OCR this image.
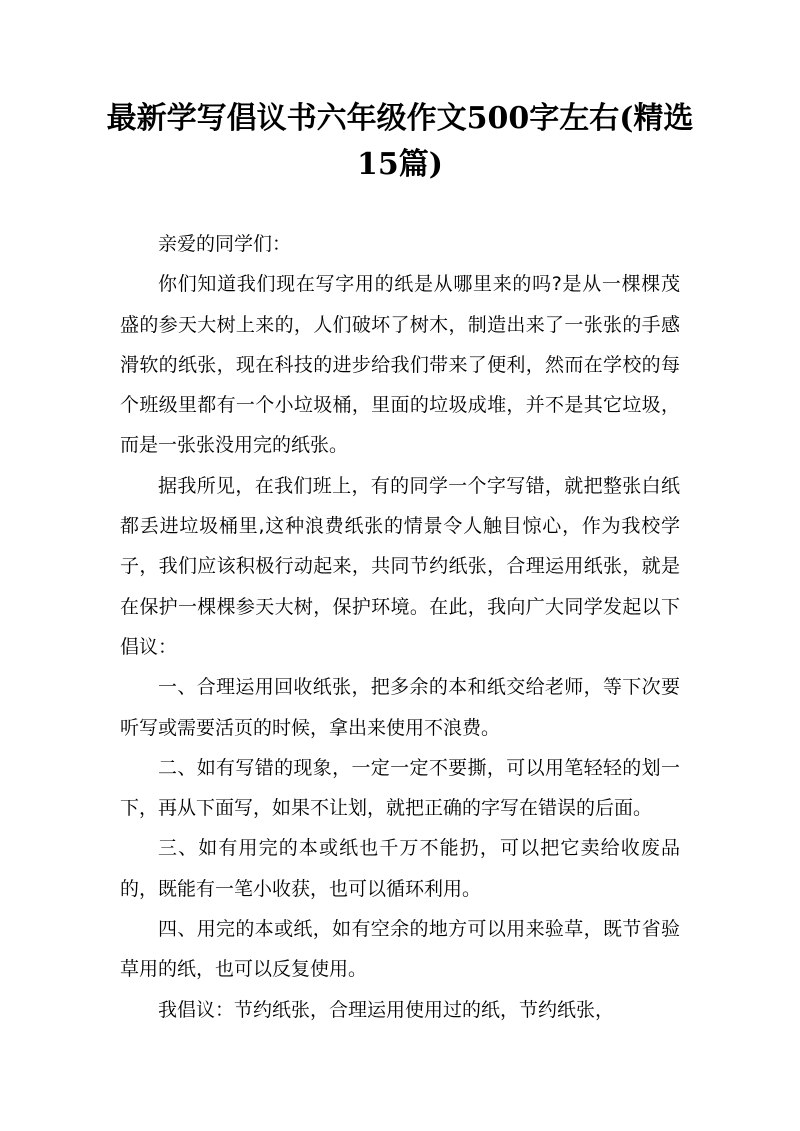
最新学写倡议书六年级作文500字左右(精选15篇)

亲爱的同学们：

你们知道我们现在写字用的纸是从哪里来的吗?是从一棵棵茂盛的参天大树上来的，人们破坏了树木，制造出来了一张张的手感滑软的纸张，现在科技的进步给我们带来了便利，然而在学校的每个班级里都有一个小垃圾桶，里面的垃圾成堆，并不是其它垃圾，而是一张张没用完的纸张。

据我所见，在我们班上，有的同学一个字写错，就把整张白纸都丢进垃圾桶里,这种浪费纸张的情景令人触目惊心，作为我校学子，我们应该积极行动起来，共同节约纸张，合理运用纸张，就是在保护一棵棵参天大树，保护环境。在此，我向广大同学发起以下倡议：

一、合理运用回收纸张，把多余的本和纸交给老师，等下次要听写或需要活页的时候，拿出来使用不浪费。

二、如有写错的现象，一定一定不要撕，可以用笔轻轻的划一下，再从下面写，如果不让划，就把正确的字写在错误的后面。

三、如有用完的本或纸也千万不能扔，可以把它卖给收废品的，既能有一笔小收获，也可以循环利用。

四、用完的本或纸，如有空余的地方可以用来验草，既节省验草用的纸，也可以反复使用。

我倡议：节约纸张，合理运用使用过的纸，节约纸张，
